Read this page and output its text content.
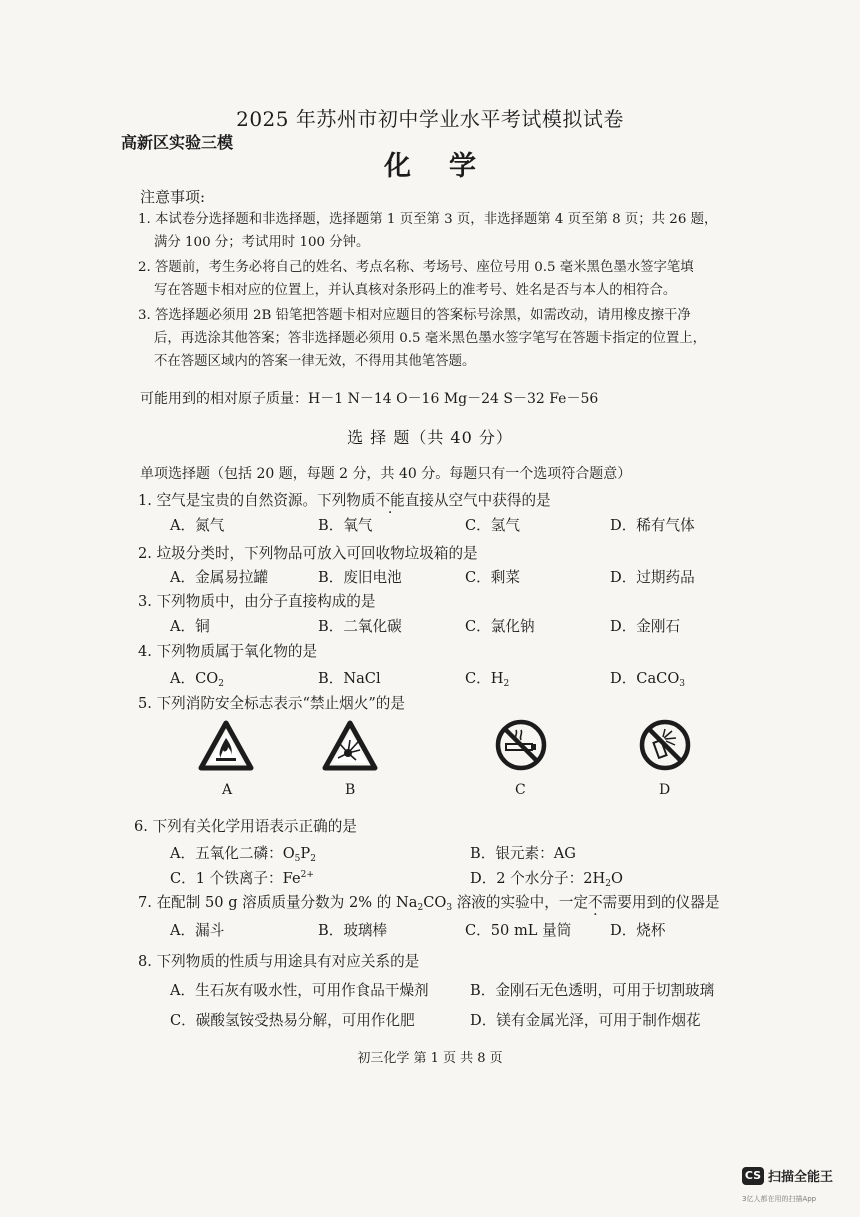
2025 年苏州市初中学业水平考试模拟试卷
高新区实验三模
化学
注意事项:
1. 本试卷分选择题和非选择题，选择题第 1 页至第 3 页，非选择题第 4 页至第 8 页；共 26 题，
满分 100 分；考试用时 100 分钟。
2. 答题前，考生务必将自己的姓名、考点名称、考场号、座位号用 0.5 毫米黑色墨水签字笔填
写在答题卡相对应的位置上，并认真核对条形码上的准考号、姓名是否与本人的相符合。
3. 答选择题必须用 2B 铅笔把答题卡相对应题目的答案标号涂黑，如需改动，请用橡皮擦干净
后，再选涂其他答案；答非选择题必须用 0.5 毫米黑色墨水签字笔写在答题卡指定的位置上，
不在答题区域内的答案一律无效，不得用其他笔答题。
可能用到的相对原子质量：H－1 N－14 O－16 Mg－24 S－32 Fe－56
选 择 题（共 40 分）
单项选择题（包括 20 题，每题 2 分，共 40 分。每题只有一个选项符合题意）
1. 空气是宝贵的自然资源。下列物质不能直接从空气中获得的是
A．氮气	B．氧气	C．氢气	D．稀有气体
2. 垃圾分类时，下列物品可放入可回收物垃圾箱的是
A．金属易拉罐	B．废旧电池	C．剩菜	D．过期药品
3. 下列物质中，由分子直接构成的是
A．铜	B．二氧化碳	C．氯化钠	D．金刚石
4. 下列物质属于氧化物的是
A．$CO_2$	B．NaCl	C．$H_2$	D．CaCO$_3$
5. 下列消防安全标志表示“禁止烟火”的是
A	B	C	D
6. 下列有关化学用语表示正确的是
A．五氧化二磷：$O_5P_2$	B．银元素：AG
C．1 个铁离子：$Fe^{2+}$	D．2 个水分子：$2H_2O$
7. 在配制 50 g 溶质质量分数为 2% 的 $Na_2CO_3$ 溶液的实验中，一定不需要用到的仪器是
A．漏斗	B．玻璃棒	C．50 mL 量筒	D．烧杯
8. 下列物质的性质与用途具有对应关系的是
A．生石灰有吸水性，可用作食品干燥剂	B．金刚石无色透明，可用于切割玻璃
C．碳酸氢铵受热易分解，可用作化肥	D．镁有金属光泽，可用于制作烟花
初三化学 第 1 页 共 8 页
CS 扫描全能王
3亿人都在用的扫描App
